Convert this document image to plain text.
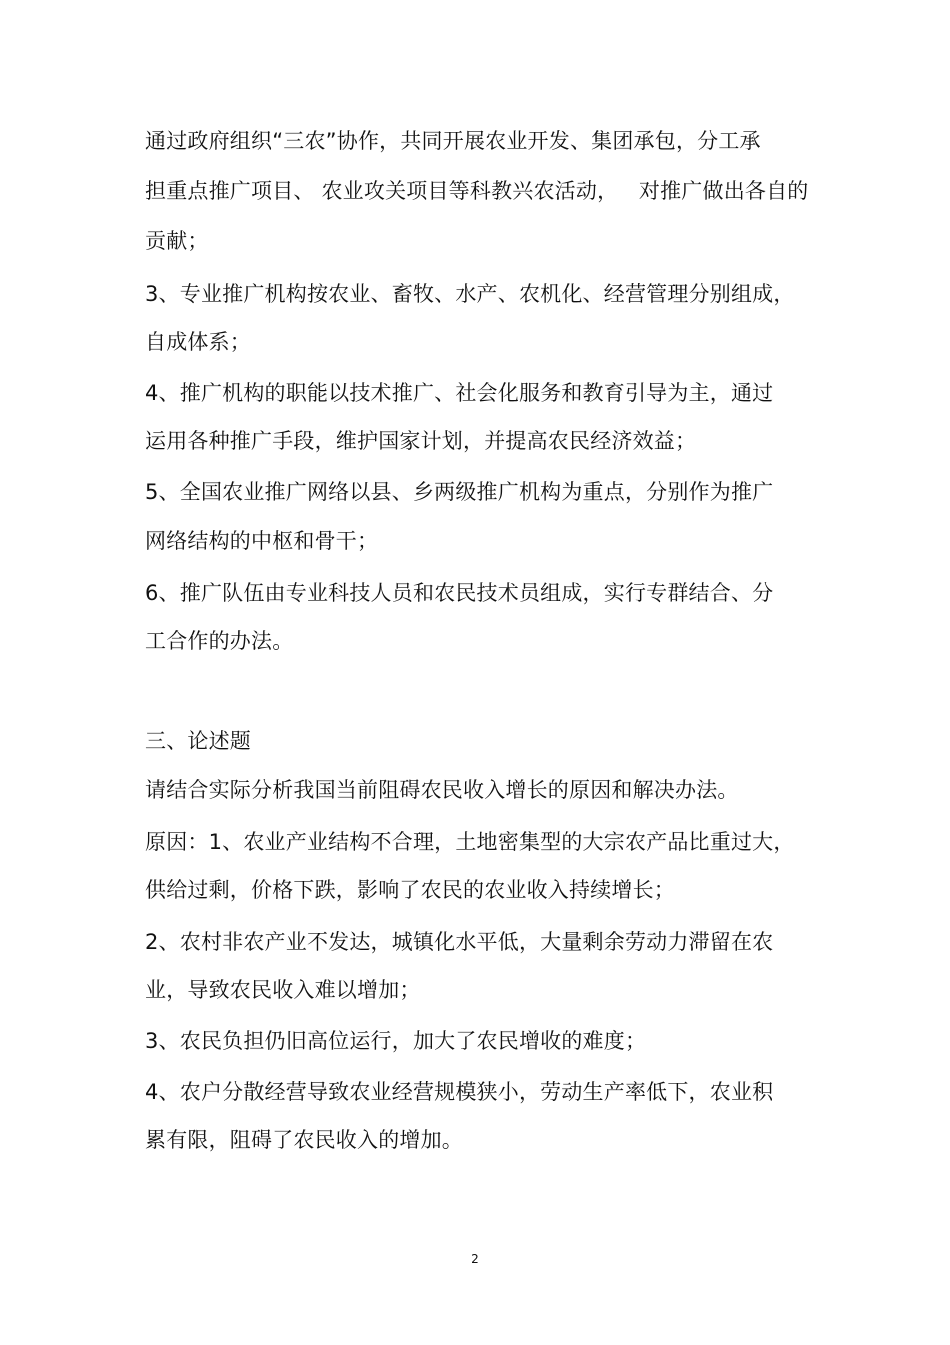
通过政府组织“三农”协作，共同开展农业开发、集团承包，分工承
担重点推广项目、 农业攻关项目等科教兴农活动，   对推广做出各自的
贡献；
3、专业推广机构按农业、畜牧、水产、农机化、经营管理分别组成，
自成体系；
4、推广机构的职能以技术推广、社会化服务和教育引导为主，通过
运用各种推广手段，维护国家计划，并提高农民经济效益；
5、全国农业推广网络以县、乡两级推广机构为重点，分别作为推广
网络结构的中枢和骨干；
6、推广队伍由专业科技人员和农民技术员组成，实行专群结合、分
工合作的办法。
三、论述题
请结合实际分析我国当前阻碍农民收入增长的原因和解决办法。
原因：1、农业产业结构不合理，土地密集型的大宗农产品比重过大，
供给过剩，价格下跌，影响了农民的农业收入持续增长；
2、农村非农产业不发达，城镇化水平低，大量剩余劳动力滞留在农
业，导致农民收入难以增加；
3、农民负担仍旧高位运行，加大了农民增收的难度；
4、农户分散经营导致农业经营规模狭小，劳动生产率低下，农业积
累有限，阻碍了农民收入的增加。
2
